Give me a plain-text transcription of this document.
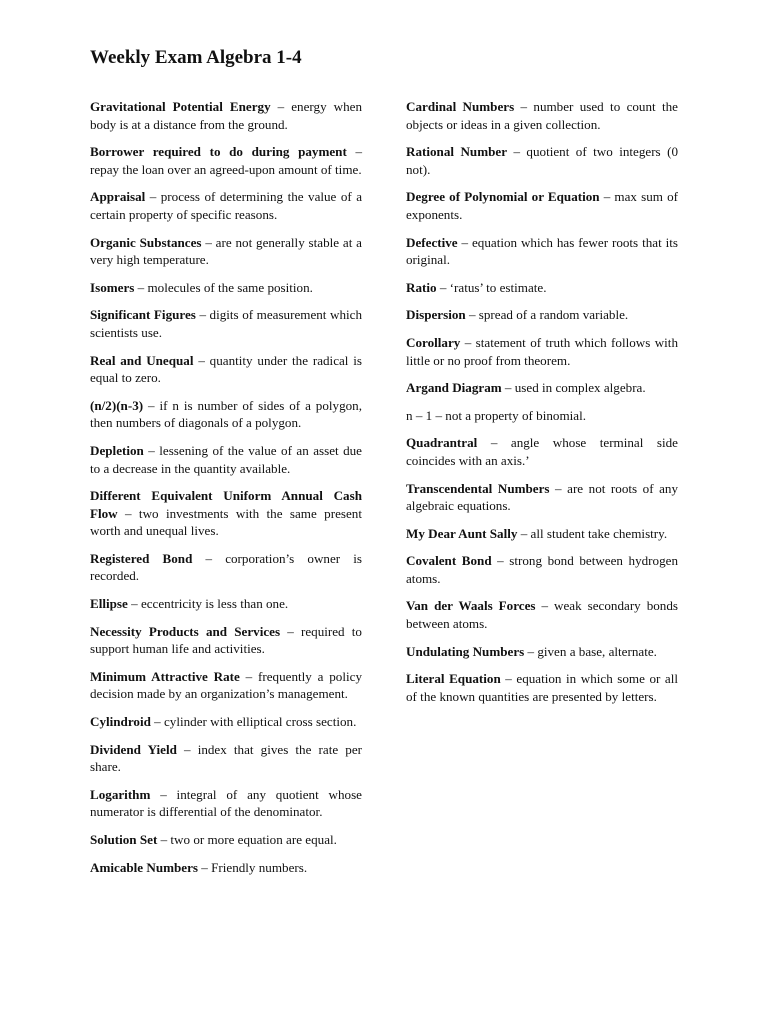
Weekly Exam Algebra 1-4

Gravitational Potential Energy – energy when body is at a distance from the ground.

Borrower required to do during payment – repay the loan over an agreed-upon amount of time.

Appraisal – process of determining the value of a certain property of specific reasons.

Organic Substances – are not generally stable at a very high temperature.

Isomers – molecules of the same position.

Significant Figures – digits of measurement which scientists use.

Real and Unequal – quantity under the radical is equal to zero.

(n/2)(n-3) – if n is number of sides of a polygon, then numbers of diagonals of a polygon.

Depletion – lessening of the value of an asset due to a decrease in the quantity available.

Different Equivalent Uniform Annual Cash Flow – two investments with the same present worth and unequal lives.

Registered Bond – corporation’s owner is recorded.

Ellipse – eccentricity is less than one.

Necessity Products and Services – required to support human life and activities.

Minimum Attractive Rate – frequently a policy decision made by an organization’s management.

Cylindroid – cylinder with elliptical cross section.

Dividend Yield – index that gives the rate per share.

Logarithm – integral of any quotient whose numerator is differential of the denominator.

Solution Set – two or more equation are equal.

Amicable Numbers – Friendly numbers.

Cardinal Numbers – number used to count the objects or ideas in a given collection.

Rational Number – quotient of two integers (0 not).

Degree of Polynomial or Equation – max sum of exponents.

Defective – equation which has fewer roots that its original.

Ratio – ‘ratus’ to estimate.

Dispersion – spread of a random variable.

Corollary – statement of truth which follows with little or no proof from theorem.

Argand Diagram – used in complex algebra.

n – 1 – not a property of binomial.

Quadrantral – angle whose terminal side coincides with an axis.’

Transcendental Numbers – are not roots of any algebraic equations.

My Dear Aunt Sally – all student take chemistry.

Covalent Bond – strong bond between hydrogen atoms.

Van der Waals Forces – weak secondary bonds between atoms.

Undulating Numbers – given a base, alternate.

Literal Equation – equation in which some or all of the known quantities are presented by letters.
